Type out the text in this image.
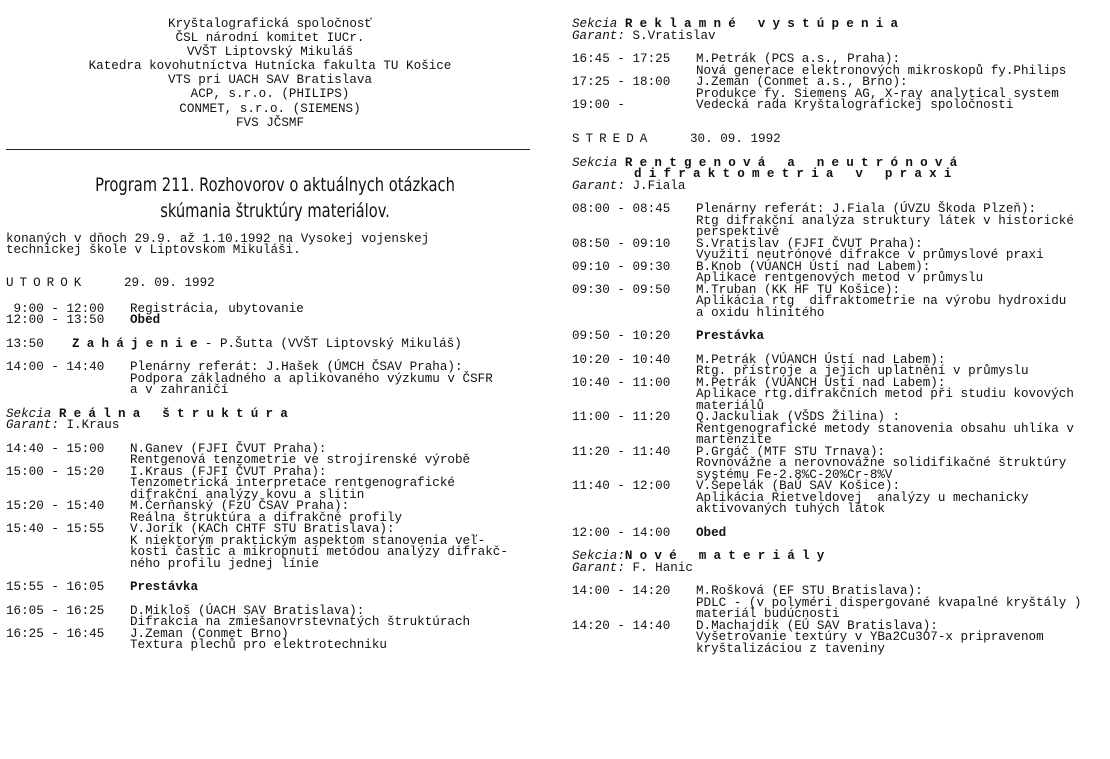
Kryštalografická spoločnosť
ČSL národní komitet IUCr.
VVŠT Liptovský Mikuláš
Katedra kovohutníctva Hutnícka fakulta TU Košice
VTS pri UACH SAV Bratislava
ACP, s.r.o. (PHILIPS)
CONMET, s.r.o. (SIEMENS)
FVS JČSMF
Program 211. Rozhovorov o aktuálnych otázkach
skúmania štruktúry materiálov.
konaných v dňoch 29.9. až 1.10.1992 na Vysokej vojenskej
technickej škole v Liptovskom Mikuláši.
UTOROK	29. 09. 1992
9:00 - 12:00	Registrácia, ubytovanie
12:00 - 13:50	Obed
13:50	Zahájenie - P.Šutta (VVŠT Liptovský Mikuláš)
14:00 - 14:40	Plenárny referát: J.Hašek (ÚMCH ČSAV Praha):
Podpora základného a aplikovaného výzkumu v ČSFR
a v zahraničí
Sekcia Reálna štruktúra
Garant: I.Kraus
14:40 - 15:00	N.Ganev (FJFI ČVUT Praha):
Rentgenová tenzometrie ve strojírenské výrobě
15:00 - 15:20	I.Kraus (FJFI ČVUT Praha):
Tenzometrická interpretace rentgenografické
difrakční analýzy kovu a slitin
15:20 - 15:40	M.Čerňanský (FzÚ ČSAV Praha):
Reálna štruktúra a difrakčné profily
15:40 - 15:55	V.Jorík (KACh CHTF STU Bratislava):
K niektorým praktickým aspektom stanovenia veľ-
kosti častíc a mikropnutí metódou analýzy difrakč-
ného profilu jednej línie
15:55 - 16:05	Prestávka
16:05 - 16:25	D.Mikloš (ÚACH SAV Bratislava):
Difrakcia na zmiešanovrstevnatých štruktúrach
16:25 - 16:45	J.Zeman (Conmet Brno)
Textura plechů pro elektrotechniku
Sekcia Reklamné vystúpenia
Garant: S.Vratislav
16:45 - 17:25	M.Petrák (PCS a.s., Praha):
Nová generace elektronových mikroskopů fy.Philips
17:25 - 18:00	J.Zeman (Conmet a.s., Brno):
Produkce fy. Siemens AG, X-ray analytical system
19:00 -	Vedecká rada Kryštalografickej spoločnosti
STREDA	30. 09. 1992
Sekcia Rentgenová a neutrónová
difraktometria v praxi
Garant: J.Fiala
08:00 - 08:45	Plenárny referát: J.Fiala (ÚVZU Škoda Plzeň):
Rtg difrakční analýza struktury látek v historické
perspektivě
08:50 - 09:10	S.Vratislav (FJFI ČVUT Praha):
Využití neutrónové difrakce v průmyslové praxi
09:10 - 09:30	B.Knob (VÚANCH Ústí nad Labem):
Aplikace rentgenových metod v průmyslu
09:30 - 09:50	M.Truban (KK HF TU Košice):
Aplikácia rtg  difraktometrie na výrobu hydroxidu
a oxidu hlinitého
09:50 - 10:20	Prestávka
10:20 - 10:40	M.Petrák (VÚANCH Ústí nad Labem):
Rtg. přístroje a jejich uplatnění v průmyslu
10:40 - 11:00	M.Petrák (VÚANCH Ústí nad Labem):
Aplikace rtg.difrakčních metod při studiu kovových
materiálů
11:00 - 11:20	Q.Jackuliak (VŠDS Žilina) :
Rentgenografické metody stanovenia obsahu uhlíka v
martenzite
11:20 - 11:40	P.Grgáč (MTF STU Trnava):
Rovnovážne a nerovnovážne solidifikačné štruktúry
systému Fe-2.8%C-20%Cr-8%V
11:40 - 12:00	V.Šepelák (BaÚ SAV Košice):
Aplikácia Rietveldovej  analýzy u mechanicky
aktivovaných tuhých látok
12:00 - 14:00	Obed
Sekcia:Nové materiály
Garant: F. Hanic
14:00 - 14:20	M.Rošková (EF STU Bratislava):
PDLC - (v polyméri dispergované kvapalné kryštály )
materiál budúcnosti
14:20 - 14:40	D.Machajdík (EÚ SAV Bratislava):
Vyšetrovanie textúry v YBa2Cu3O7-x pripravenom
kryštalizáciou z taveniny
